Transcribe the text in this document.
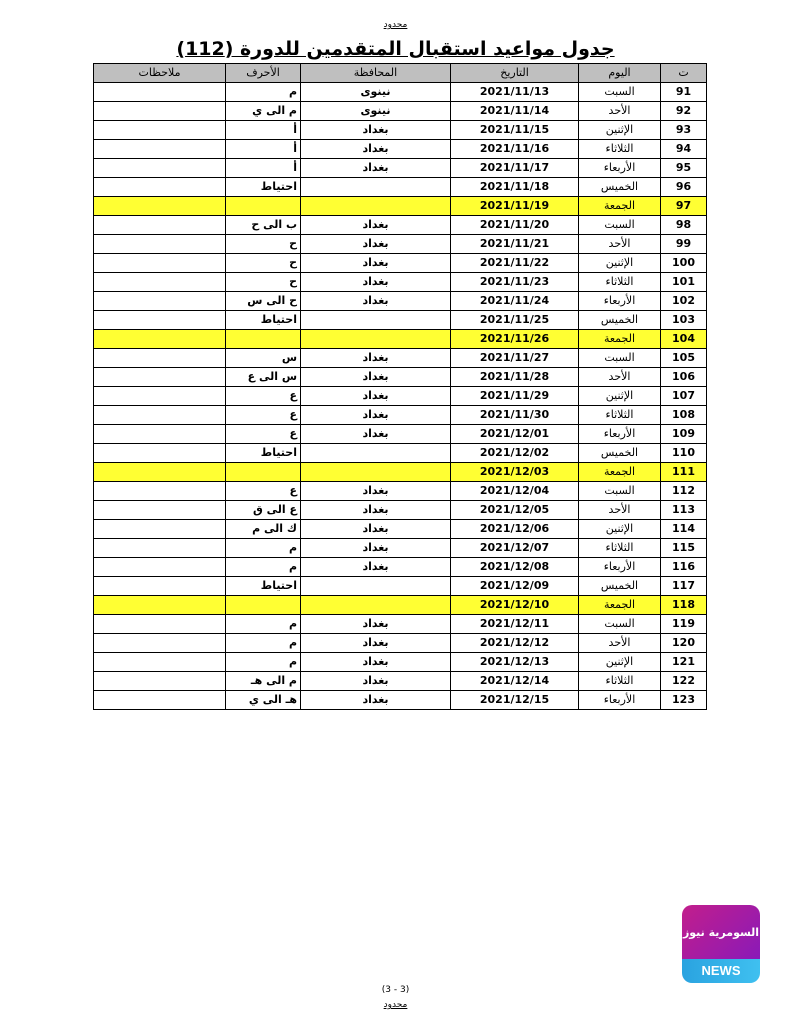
محدود
جدول مواعيد استقبال المتقدمين للدورة (112)
ت	اليوم	التاريخ	المحافظة	الأحرف	ملاحظات
91	السبت	2021/11/13	نينوى	م	
92	الأحد	2021/11/14	نينوى	م الى ي	
93	الإثنين	2021/11/15	بغداد	أ	
94	الثلاثاء	2021/11/16	بغداد	أ	
95	الأربعاء	2021/11/17	بغداد	أ	
96	الخميس	2021/11/18		احتياط	
97	الجمعة	2021/11/19			
98	السبت	2021/11/20	بغداد	ب الى ح	
99	الأحد	2021/11/21	بغداد	ح	
100	الإثنين	2021/11/22	بغداد	ح	
101	الثلاثاء	2021/11/23	بغداد	ح	
102	الأربعاء	2021/11/24	بغداد	ح الى س	
103	الخميس	2021/11/25		احتياط	
104	الجمعة	2021/11/26			
105	السبت	2021/11/27	بغداد	س	
106	الأحد	2021/11/28	بغداد	س الى ع	
107	الإثنين	2021/11/29	بغداد	ع	
108	الثلاثاء	2021/11/30	بغداد	ع	
109	الأربعاء	2021/12/01	بغداد	ع	
110	الخميس	2021/12/02		احتياط	
111	الجمعة	2021/12/03			
112	السبت	2021/12/04	بغداد	ع	
113	الأحد	2021/12/05	بغداد	ع الى ق	
114	الإثنين	2021/12/06	بغداد	ك الى م	
115	الثلاثاء	2021/12/07	بغداد	م	
116	الأربعاء	2021/12/08	بغداد	م	
117	الخميس	2021/12/09		احتياط	
118	الجمعة	2021/12/10			
119	السبت	2021/12/11	بغداد	م	
120	الأحد	2021/12/12	بغداد	م	
121	الإثنين	2021/12/13	بغداد	م	
122	الثلاثاء	2021/12/14	بغداد	م الى هـ	
123	الأربعاء	2021/12/15	بغداد	هـ الى ي	
السومرية نيوز
NEWS
(3 - 3)
محدود
